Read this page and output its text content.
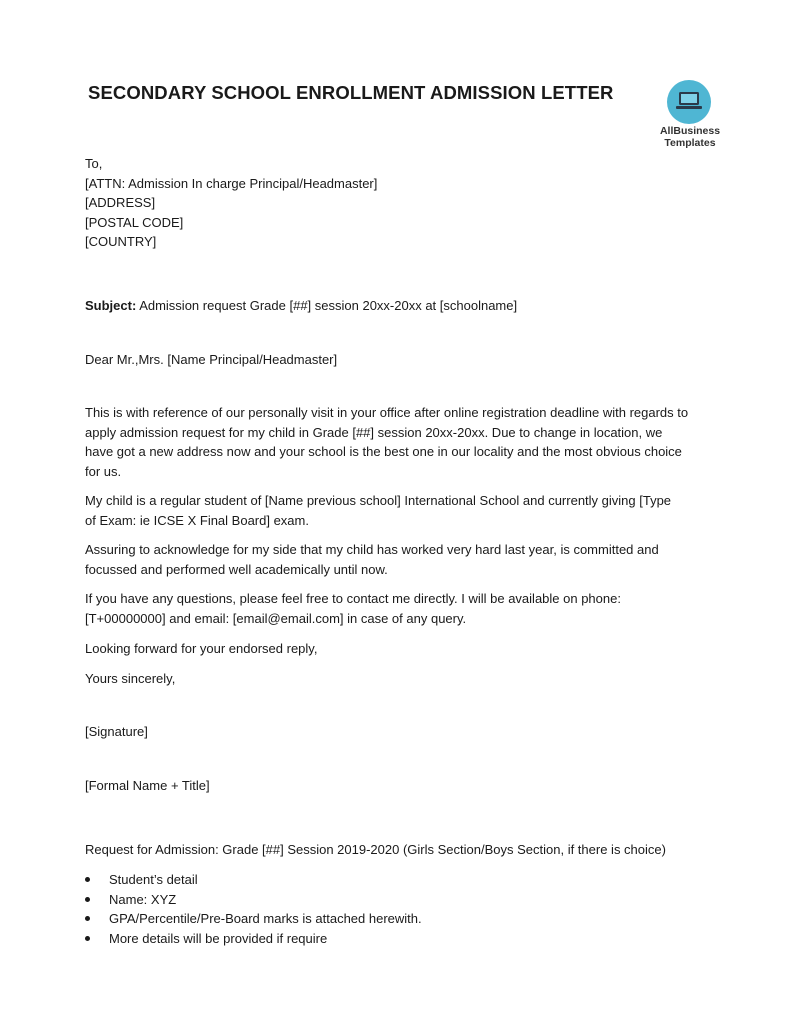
SECONDARY SCHOOL ENROLLMENT ADMISSION LETTER
AllBusiness
Templates

To,

[ATTN: Admission In charge Principal/Headmaster]

[ADDRESS]

[POSTAL CODE]

[COUNTRY]

Subject: Admission request Grade [##] session 20xx-20xx at [schoolname]

Dear Mr.,Mrs. [Name Principal/Headmaster]

This is with reference of our personally visit in your office after online registration deadline with regards to apply admission request for my child in Grade [##] session 20xx-20xx. Due to change in location, we have got a new address now and your school is the best one in our locality and the most obvious choice for us.

My child is a regular student of [Name previous school] International School and currently giving [Type of Exam: ie ICSE X Final Board] exam.

Assuring to acknowledge for my side that my child has worked very hard last year, is committed and focussed and performed well academically until now.

If you have any questions, please feel free to contact me directly. I will be available on phone: [T+00000000] and email: [email@email.com] in case of any query.

Looking forward for your endorsed reply,

Yours sincerely,

[Signature]

[Formal Name + Title]

Request for Admission: Grade [##] Session 2019-2020 (Girls Section/Boys Section, if there is choice)

Student’s detail
Name: XYZ
GPA/Percentile/Pre-Board marks is attached herewith.
More details will be provided if require
